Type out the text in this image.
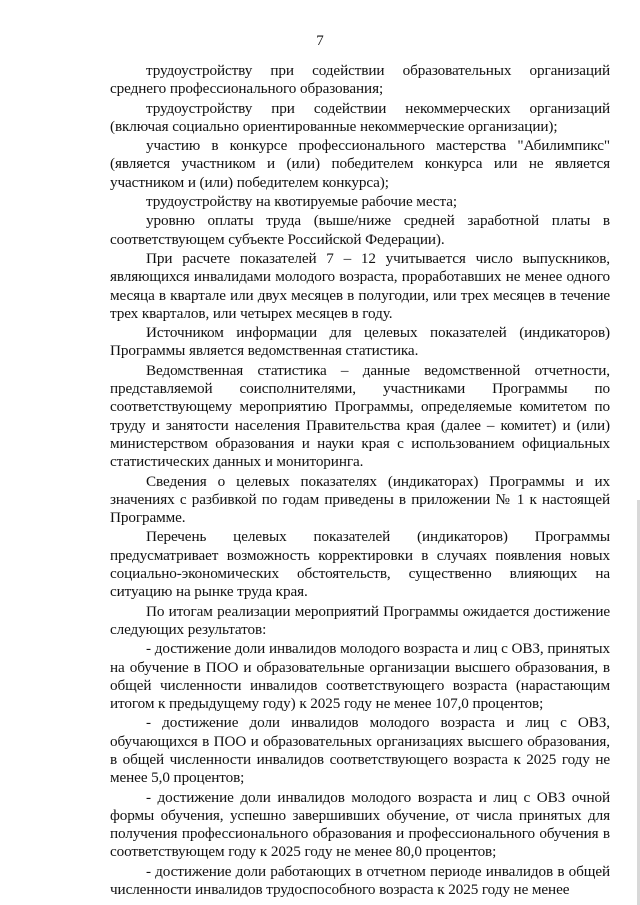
7

трудоустройству при содействии образовательных организаций среднего профессионального образования;

трудоустройству при содействии некоммерческих организаций (включая социально ориентированные некоммерческие организации);

участию в конкурсе профессионального мастерства "Абилимпикс" (является участником и (или) победителем конкурса или не является участником и (или) победителем конкурса);

трудоустройству на квотируемые рабочие места;

уровню оплаты труда (выше/ниже средней заработной платы в соответствующем субъекте Российской Федерации).

При расчете показателей 7 – 12 учитывается число выпускников, являющихся инвалидами молодого возраста, проработавших не менее одного месяца в квартале или двух месяцев в полугодии, или трех месяцев в течение трех кварталов, или четырех месяцев в году.

Источником информации для целевых показателей (индикаторов) Программы является ведомственная статистика.

Ведомственная статистика – данные ведомственной отчетности, представляемой соисполнителями, участниками Программы по соответствующему мероприятию Программы, определяемые комитетом по труду и занятости населения Правительства края (далее – комитет) и (или) министерством образования и науки края с использованием официальных статистических данных и мониторинга.

Сведения о целевых показателях (индикаторах) Программы и их значениях с разбивкой по годам приведены в приложении № 1 к настоящей Программе.

Перечень целевых показателей (индикаторов) Программы предусматривает возможность корректировки в случаях появления новых социально-экономических обстоятельств, существенно влияющих на ситуацию на рынке труда края.

По итогам реализации мероприятий Программы ожидается достижение следующих результатов:

- достижение доли инвалидов молодого возраста и лиц с ОВЗ, принятых на обучение в ПОО и образовательные организации высшего образования, в общей численности инвалидов соответствующего возраста (нарастающим итогом к предыдущему году) к 2025 году не менее 107,0 процентов;

- достижение доли инвалидов молодого возраста и лиц с ОВЗ, обучающихся в ПОО и образовательных организациях высшего образования, в общей численности инвалидов соответствующего возраста к 2025 году не менее 5,0 процентов;

- достижение доли инвалидов молодого возраста и лиц с ОВЗ очной формы обучения, успешно завершивших обучение, от числа принятых для получения профессионального образования и профессионального обучения в соответствующем году к 2025 году не менее 80,0 процентов;

- достижение доли работающих в отчетном периоде инвалидов в общей численности инвалидов трудоспособного возраста к 2025 году не менее
